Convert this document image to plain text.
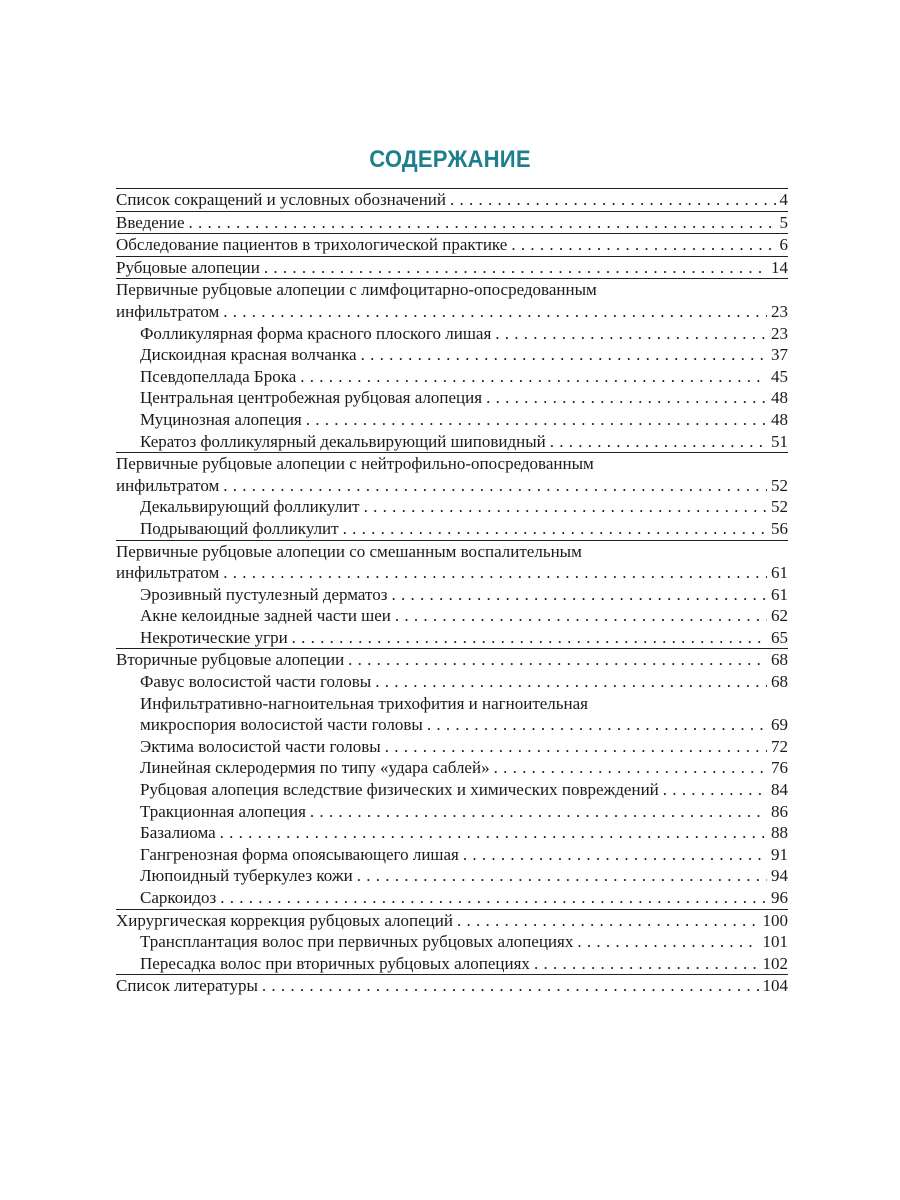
СОДЕРЖАНИЕ
Список сокращений и условных обозначений . . .	4
Введение . . .	5
Обследование пациентов в трихологической практике . . .	6
Рубцовые алопеции . . .	14
Первичные рубцовые алопеции с лимфоцитарно-опосредованным
инфильтратом . . .	23
Фолликулярная форма красного плоского лишая . . .	23
Дискоидная красная волчанка . . .	37
Псевдопеллада Брока . . .	45
Центральная центробежная рубцовая алопеция . . .	48
Муцинозная алопеция . . .	48
Кератоз фолликулярный декальвирующий шиповидный . . .	51
Первичные рубцовые алопеции с нейтрофильно-опосредованным
инфильтратом . . .	52
Декальвирующий фолликулит . . .	52
Подрывающий фолликулит . . .	56
Первичные рубцовые алопеции со смешанным воспалительным
инфильтратом . . .	61
Эрозивный пустулезный дерматоз . . .	61
Акне келоидные задней части шеи . . .	62
Некротические угри . . .	65
Вторичные рубцовые алопеции . . .	68
Фавус волосистой части головы . . .	68
Инфильтративно-нагноительная трихофития и нагноительная
микроспория волосистой части головы . . .	69
Эктима волосистой части головы . . .	72
Линейная склеродермия по типу «удара саблей» . . .	76
Рубцовая алопеция вследствие физических и химических повреждений . . .	84
Тракционная алопеция . . .	86
Базалиома . . .	88
Гангренозная форма опоясывающего лишая . . .	91
Люпоидный туберкулез кожи . . .	94
Саркоидоз . . .	96
Хирургическая коррекция рубцовых алопеций . . .	100
Трансплантация волос при первичных рубцовых алопециях . . .	101
Пересадка волос при вторичных рубцовых алопециях . . .	102
Список литературы . . .	104
